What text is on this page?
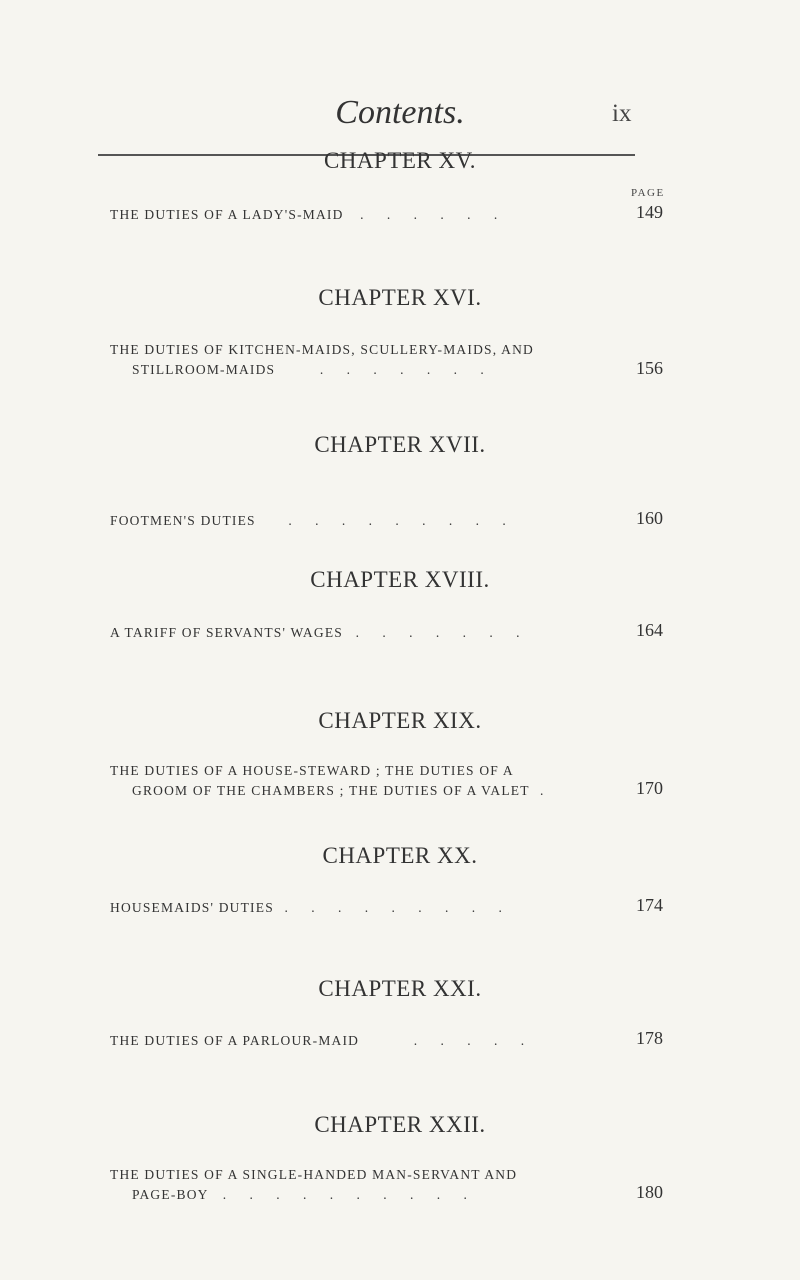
Contents.	ix
PAGE
CHAPTER XV.
THE DUTIES OF A LADY'S-MAID . . . . . .	149
CHAPTER XVI.
THE DUTIES OF KITCHEN-MAIDS, SCULLERY-MAIDS, AND
STILLROOM-MAIDS	. . . . . . .	156
CHAPTER XVII.
FOOTMEN'S DUTIES . . . . . . . . .	160
CHAPTER XVIII.
A TARIFF OF SERVANTS' WAGES . . . . . . .	164
CHAPTER XIX.
THE DUTIES OF A HOUSE-STEWARD ; THE DUTIES OF A
GROOM OF THE CHAMBERS ; THE DUTIES OF A VALET .	170
CHAPTER XX.
HOUSEMAIDS' DUTIES . . . . . . . . .	174
CHAPTER XXI.
THE DUTIES OF A PARLOUR-MAID	. . . . .	178
CHAPTER XXII.
THE DUTIES OF A SINGLE-HANDED MAN-SERVANT AND
PAGE-BOY . . . . . . . . . .	180
